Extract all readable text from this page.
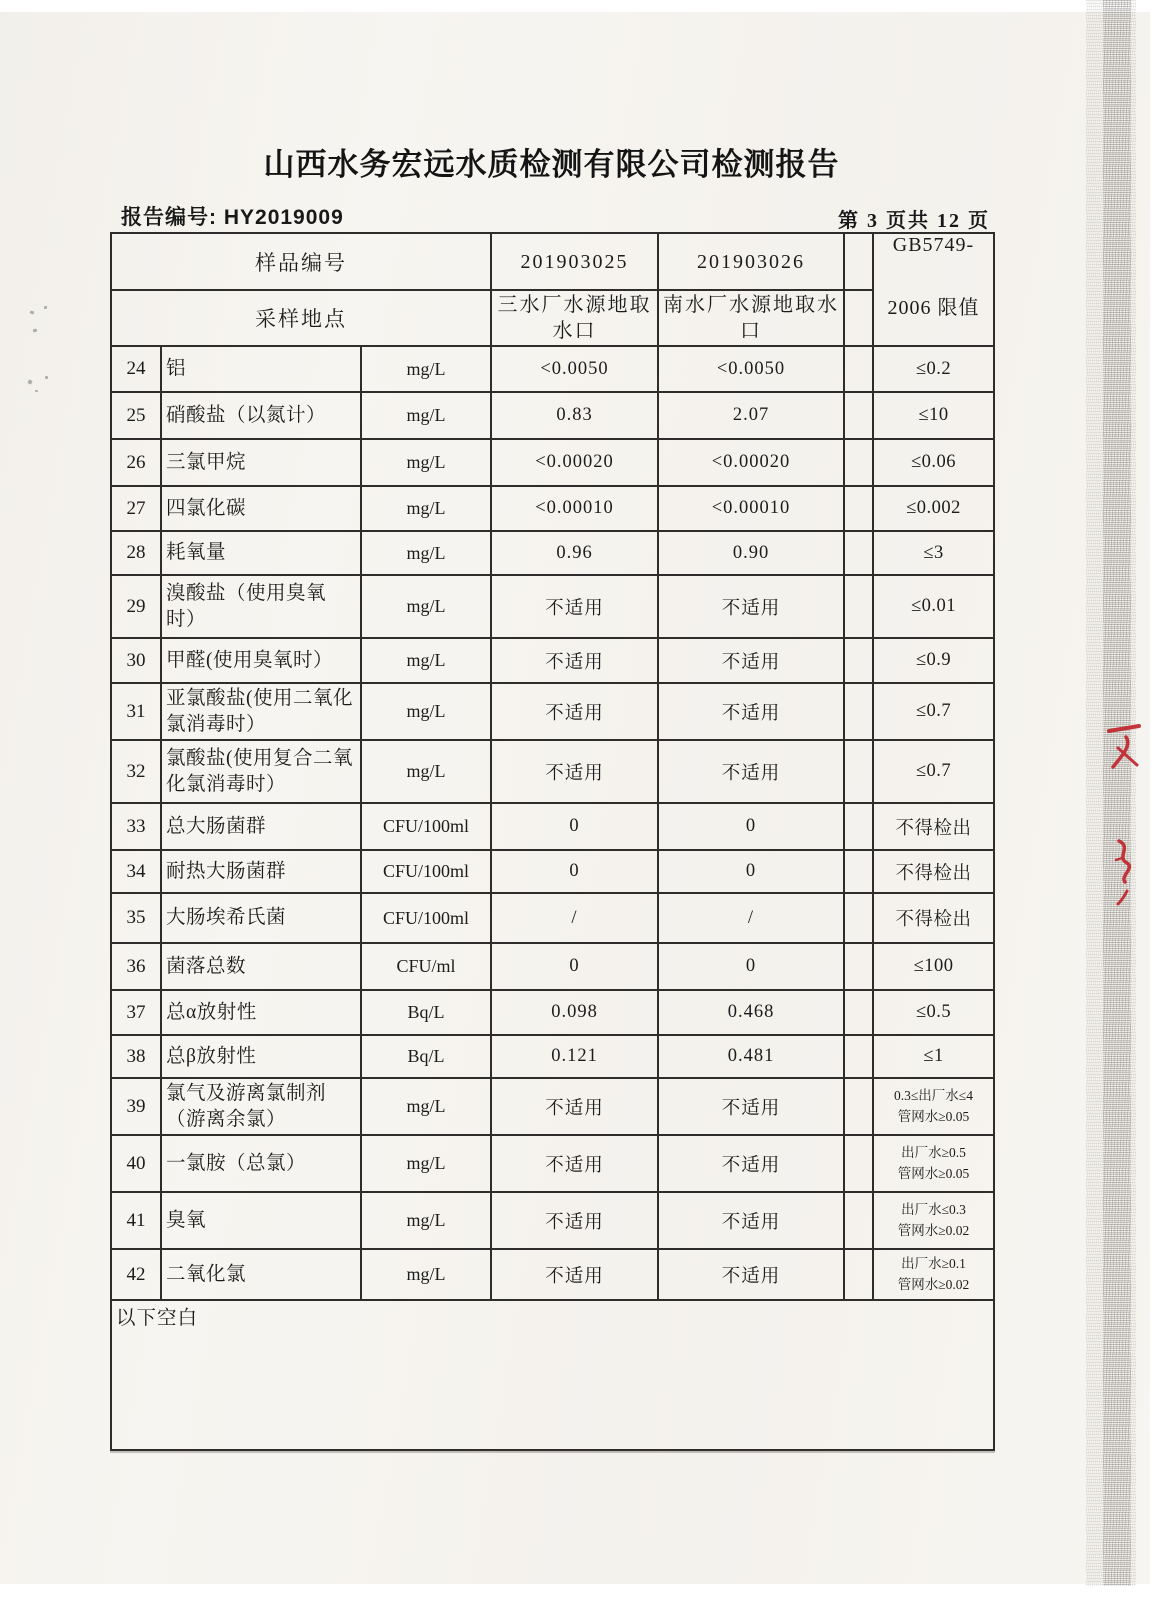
山西水务宏远水质检测有限公司检测报告
报告编号: HY2019009	第 3 页共 12 页
样品编号			201903025	201903026		GB5749-
2006 限值

采样地点			三水厂水源地取水口	南水厂水源地取水口		
24	铝	mg/L	<0.0050	<0.0050		≤0.2
25	硝酸盐（以氮计）	mg/L	0.83	2.07		≤10
26	三氯甲烷	mg/L	<0.00020	<0.00020		≤0.06
27	四氯化碳	mg/L	<0.00010	<0.00010		≤0.002
28	耗氧量	mg/L	0.96	0.90		≤3
29	溴酸盐（使用臭氧时）	mg/L	不适用	不适用		≤0.01
30	甲醛(使用臭氧时）	mg/L	不适用	不适用		≤0.9
31	亚氯酸盐(使用二氧化氯消毒时）	mg/L	不适用	不适用		≤0.7
32	氯酸盐(使用复合二氧化氯消毒时）	mg/L	不适用	不适用		≤0.7
33	总大肠菌群	CFU/100ml	0	0		不得检出
34	耐热大肠菌群	CFU/100ml	0	0		不得检出
35	大肠埃希氏菌	CFU/100ml	/	/		不得检出
36	菌落总数	CFU/ml	0	0		≤100
37	总α放射性	Bq/L	0.098	0.468		≤0.5
38	总β放射性	Bq/L	0.121	0.481		≤1
39	氯气及游离氯制剂（游离余氯）	mg/L	不适用	不适用		0.3≤出厂水≤4
管网水≥0.05

40	一氯胺（总氯）	mg/L	不适用	不适用		出厂水≥0.5
管网水≥0.05

41	臭氧	mg/L	不适用	不适用		出厂水≤0.3
管网水≥0.02

42	二氧化氯	mg/L	不适用	不适用		出厂水≥0.1
管网水≥0.02

以下空白						
